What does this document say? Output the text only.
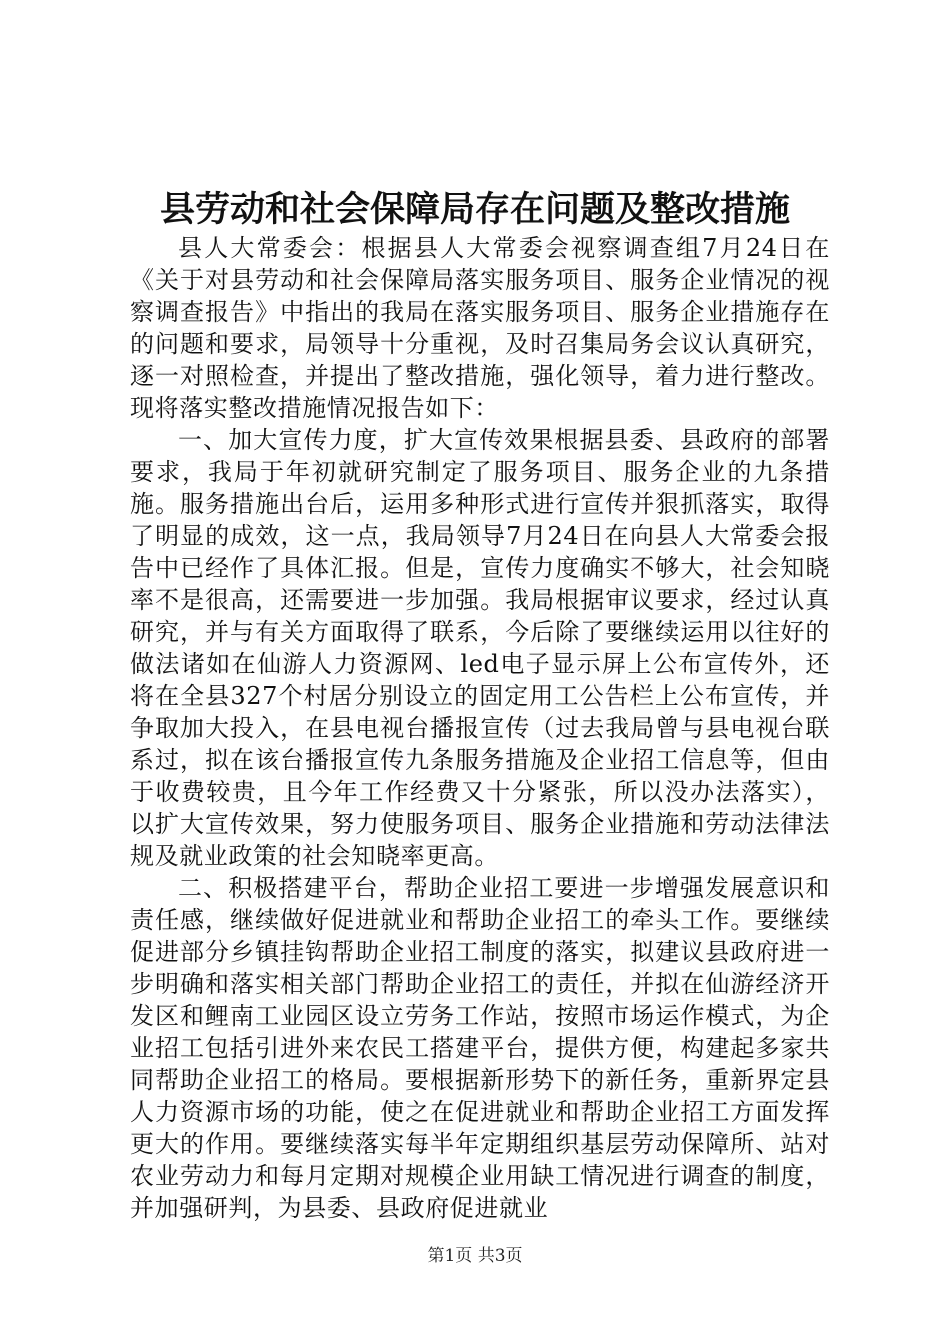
县劳动和社会保障局存在问题及整改措施

县人大常委会：根据县人大常委会视察调查组7月24日在《关于对县劳动和社会保障局落实服务项目、服务企业情况的视察调查报告》中指出的我局在落实服务项目、服务企业措施存在的问题和要求，局领导十分重视，及时召集局务会议认真研究，逐一对照检查，并提出了整改措施，强化领导，着力进行整改。现将落实整改措施情况报告如下：

一、加大宣传力度，扩大宣传效果根据县委、县政府的部署要求，我局于年初就研究制定了服务项目、服务企业的九条措施。服务措施出台后，运用多种形式进行宣传并狠抓落实，取得了明显的成效，这一点，我局领导7月24日在向县人大常委会报告中已经作了具体汇报。但是，宣传力度确实不够大，社会知晓率不是很高，还需要进一步加强。我局根据审议要求，经过认真研究，并与有关方面取得了联系，今后除了要继续运用以往好的做法诸如在仙游人力资源网、led电子显示屏上公布宣传外，还将在全县327个村居分别设立的固定用工公告栏上公布宣传，并争取加大投入，在县电视台播报宣传（过去我局曾与县电视台联系过，拟在该台播报宣传九条服务措施及企业招工信息等，但由于收费较贵，且今年工作经费又十分紧张，所以没办法落实），以扩大宣传效果，努力使服务项目、服务企业措施和劳动法律法规及就业政策的社会知晓率更高。

二、积极搭建平台，帮助企业招工要进一步增强发展意识和责任感，继续做好促进就业和帮助企业招工的牵头工作。要继续促进部分乡镇挂钩帮助企业招工制度的落实，拟建议县政府进一步明确和落实相关部门帮助企业招工的责任，并拟在仙游经济开发区和鲤南工业园区设立劳务工作站，按照市场运作模式，为企业招工包括引进外来农民工搭建平台，提供方便，构建起多家共同帮助企业招工的格局。要根据新形势下的新任务，重新界定县人力资源市场的功能，使之在促进就业和帮助企业招工方面发挥更大的作用。要继续落实每半年定期组织基层劳动保障所、站对农业劳动力和每月定期对规模企业用缺工情况进行调查的制度，并加强研判，为县委、县政府促进就业

第1页 共3页
